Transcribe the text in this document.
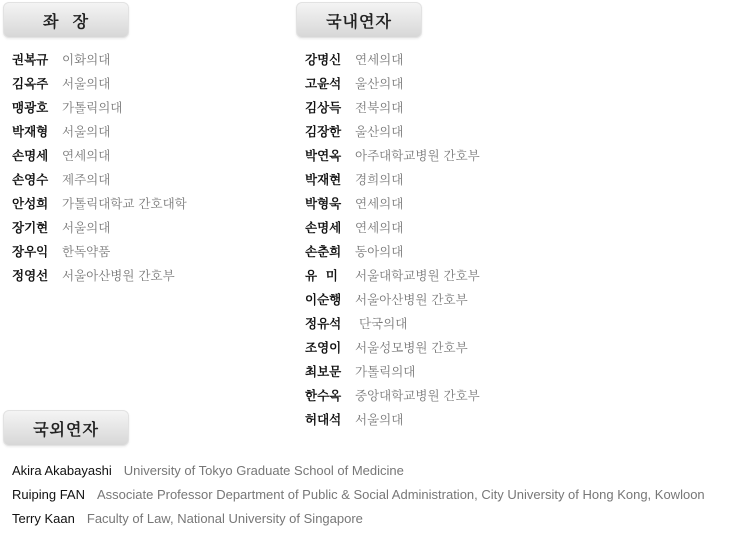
좌  장	국내연자
국외연자
권복규 이화의대
김옥주 서울의대
맹광호 가톨릭의대
박재형 서울의대
손명세 연세의대
손영수 제주의대
안성희 가톨릭대학교 간호대학
장기현 서울의대
장우익 한독약품
정영선 서울아산병원 간호부
강명신 연세의대
고윤석 울산의대
김상득 전북의대
김장한 울산의대
박연옥 아주대학교병원 간호부
박재현 경희의대
박형욱 연세의대
손명세 연세의대
손춘희 동아의대
유  미 서울대학교병원 간호부
이순행 서울아산병원 간호부
정유석 단국의대
조영이 서울성모병원 간호부
최보문 가톨릭의대
한수옥 중앙대학교병원 간호부
허대석 서울의대
Akira Akabayashi University of Tokyo Graduate School of Medicine
Ruiping FAN Associate Professor Department of Public & Social Administration, City University of Hong Kong, Kowloon
Terry Kaan Faculty of Law, National University of Singapore
